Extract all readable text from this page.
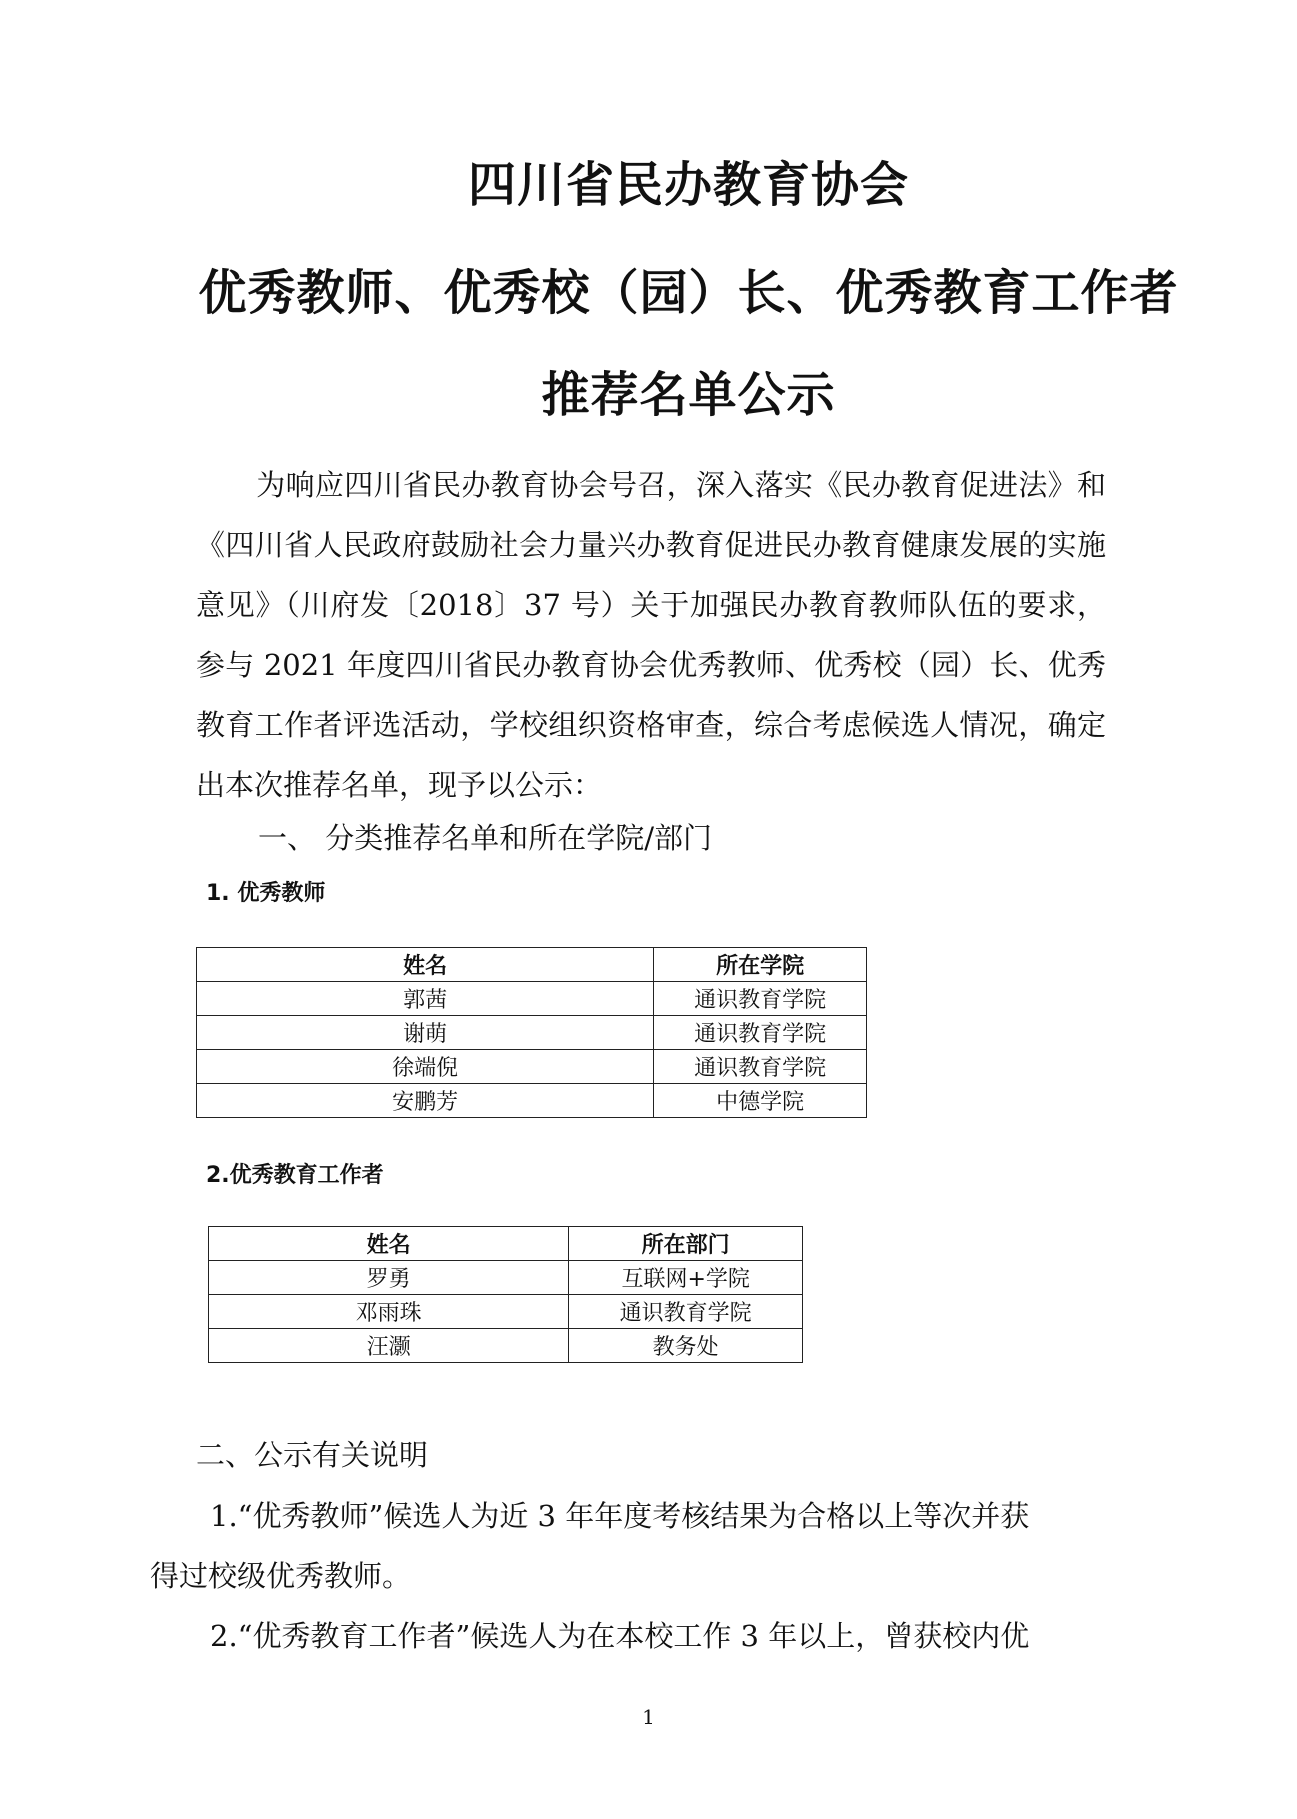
四川省民办教育协会
优秀教师、优秀校（园）长、优秀教育工作者
推荐名单公示

为响应四川省民办教育协会号召，深入落实《民办教育促进法》和《四川省人民政府鼓励社会力量兴办教育促进民办教育健康发展的实施意见》（川府发〔2018〕37 号）关于加强民办教育教师队伍的要求，参与 2021 年度四川省民办教育协会优秀教师、优秀校（园）长、优秀教育工作者评选活动，学校组织资格审查，综合考虑候选人情况，确定出本次推荐名单，现予以公示：

一、 分类推荐名单和所在学院/部门
1. 优秀教师
姓名	所在学院
郭茜	通识教育学院
谢萌	通识教育学院
徐端倪	通识教育学院
安鹏芳	中德学院
2.优秀教育工作者
姓名	所在部门
罗勇	互联网+学院
邓雨珠	通识教育学院
汪灏	教务处
二、公示有关说明
1.“优秀教师”候选人为近 3 年年度考核结果为合格以上等次并获
得过校级优秀教师。
2.“优秀教育工作者”候选人为在本校工作 3 年以上，曾获校内优
1
